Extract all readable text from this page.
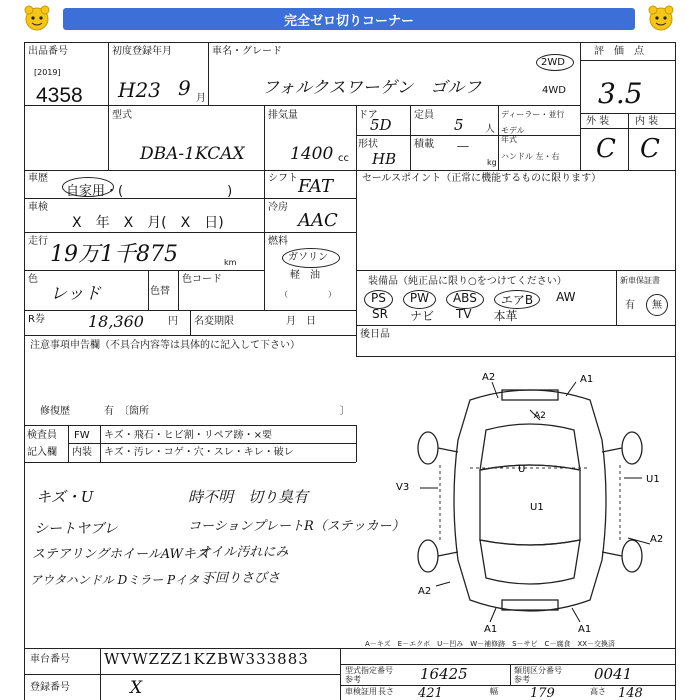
完全ゼロ切りコーナー
出品番号
[2019]
4358
初度登録年月
H23 9 月
車名・グレード
フォルクスワーゲン　ゴルフ
2WD
4WD
評　価　点
3.5
外 装	内 装
C C
型式
DBA-1KCAX
排気量
1400 cc
ドア
5D
定員
5 人
形状
HB
積載 －
kg
ディーラー・並行
モデル年式
ハンドル 左・右
車歴
自家用・(　　　　　　　　)
シフト FAT
車検
X　年　X　月(　X　日)
冷房
AAC
走行
19万1千875	km
燃料
ガソリン
軽　油
（　　　　　）
色
レッド	色替
色コード
R券	18,360 円 名変期限	月　日
セールスポイント（正常に機能するものに限ります）
装備品（純正品に限り○をつけてください）
PS	PW	ABS	エアB	AW
SR ナビ TV 本革
新車保証書
有 無
後日品
注意事項申告欄（不具合内容等は具体的に記入して下さい）
修復歴	有　〔箇所	〕
検査員
記入欄
FW
内装
キズ・飛石・ヒビ割・リペア跡・×要
キズ・汚レ・コゲ・穴・スレ・キレ・破レ
キズ・U
シートヤブレ
ステアリングホイールAWキズ
アウタハンドル Dミラー Pイタミ
時不明　切り臭有
コーションプレートR（ステッカー）
オイル汚れにみ
下回りさびさ
A2	A1
A2
U
V3
U1
U1
A2
A2
A1	A1
A－キズ　E－エクボ　U－凹み　W－補修跡　S－サビ　C－腐食　XX－交換済
車台番号 WVWZZZ1KZBW333883
登録番号	X
型式指定番号
参考	16425	類別区分番号
参考	0041
車検証用 長さ 421	幅 179	高さ 148
